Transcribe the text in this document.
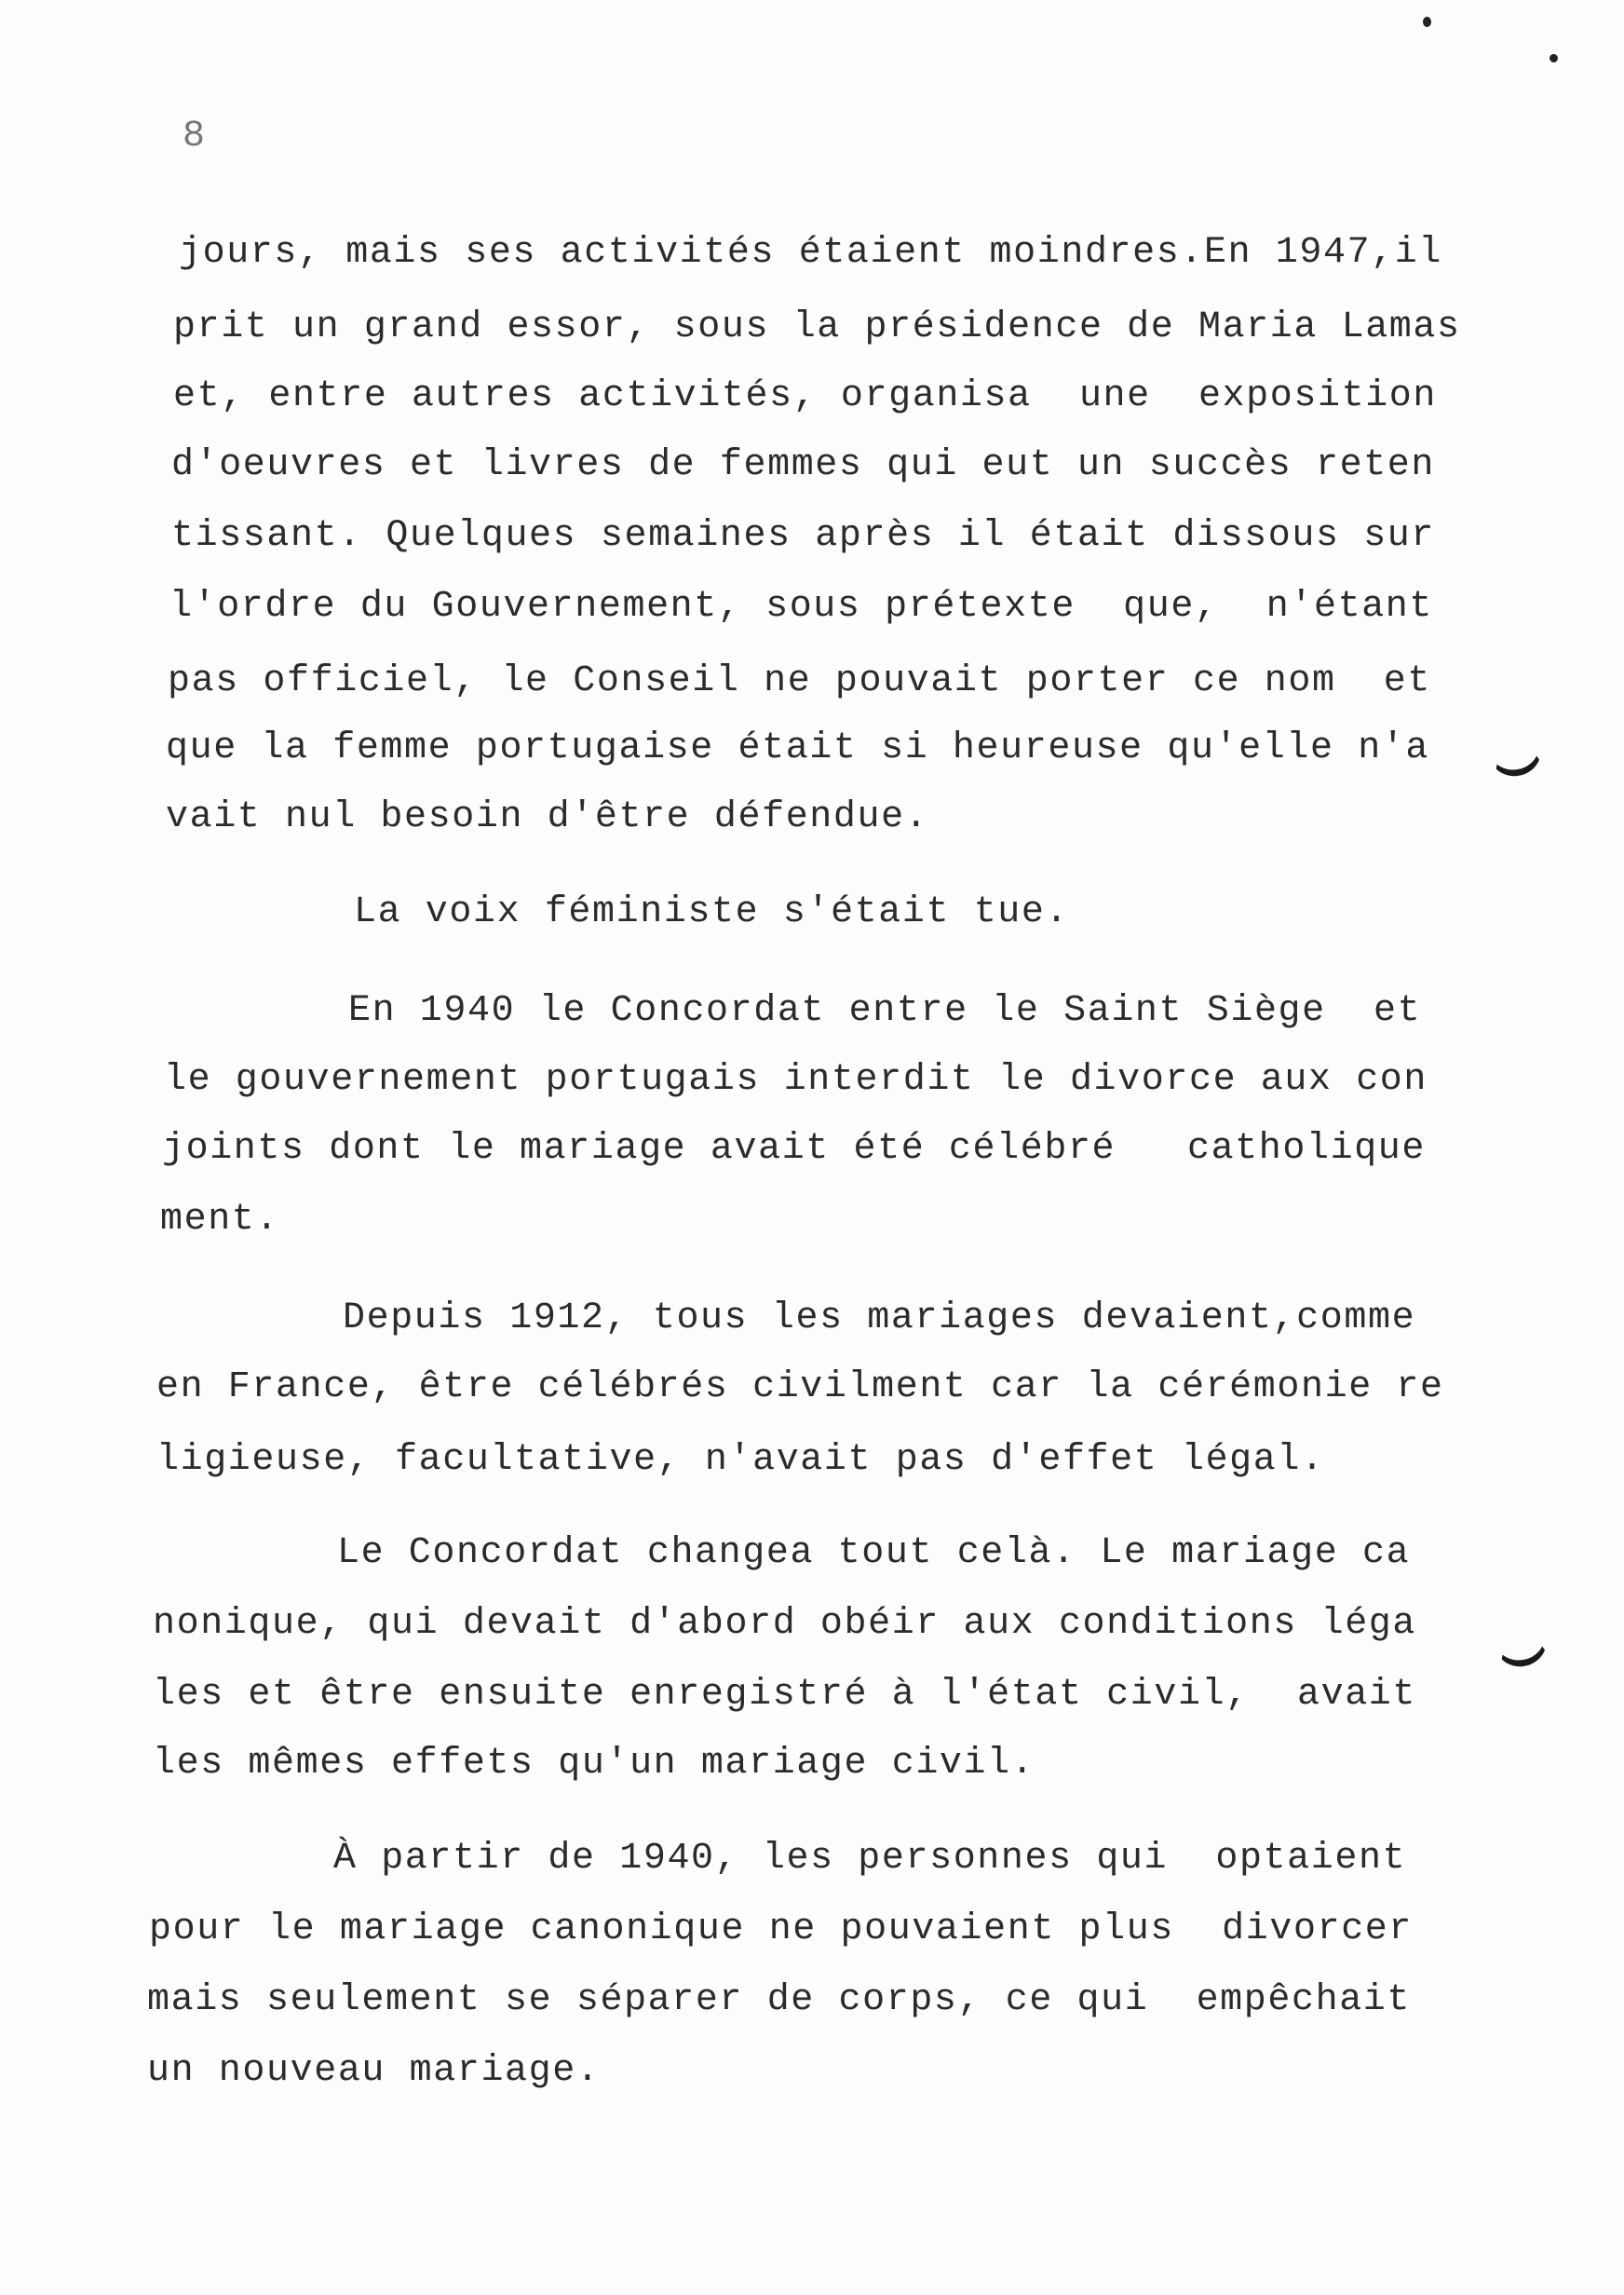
8
jours, mais ses activités étaient moindres.En 1947,il
prit un grand essor, sous la présidence de Maria Lamas
et, entre autres activités, organisa  une  exposition
d'oeuvres et livres de femmes qui eut un succès reten
tissant. Quelques semaines après il était dissous sur
l'ordre du Gouvernement, sous prétexte  que,  n'étant
pas officiel, le Conseil ne pouvait porter ce nom  et
que la femme portugaise était si heureuse qu'elle n'a
vait nul besoin d'être défendue.
La voix féministe s'était tue.
En 1940 le Concordat entre le Saint Siège  et
le gouvernement portugais interdit le divorce aux con
joints dont le mariage avait été célébré   catholique
ment.
Depuis 1912, tous les mariages devaient,comme
en France, être célébrés civilment car la cérémonie re
ligieuse, facultative, n'avait pas d'effet légal.
Le Concordat changea tout celà. Le mariage ca
nonique, qui devait d'abord obéir aux conditions léga
les et être ensuite enregistré à l'état civil,  avait
les mêmes effets qu'un mariage civil.
À partir de 1940, les personnes qui  optaient
pour le mariage canonique ne pouvaient plus  divorcer
mais seulement se séparer de corps, ce qui  empêchait
un nouveau mariage.
